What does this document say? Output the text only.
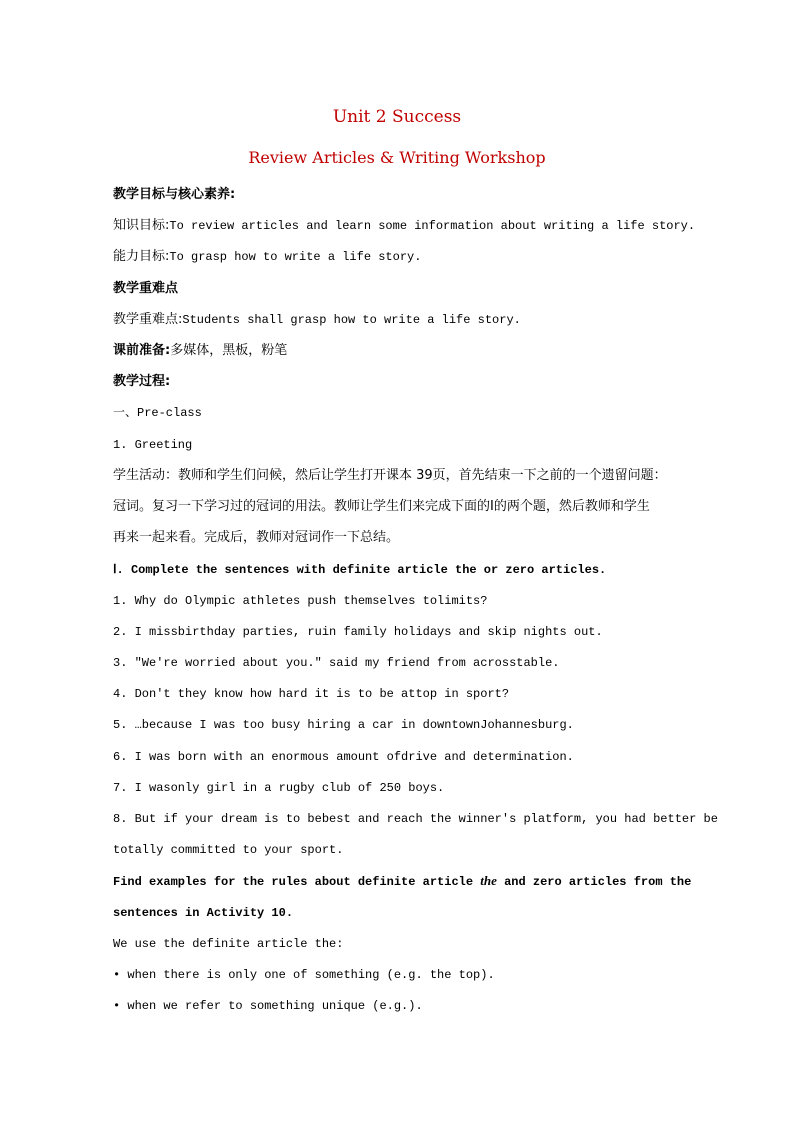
Unit 2 Success
Review Articles & Writing Workshop
教学目标与核心素养:
知识目标:To review articles and learn some information about writing a life story.
能力目标:To grasp how to write a life story.
教学重难点
教学重难点:Students shall grasp how to write a life story.
课前准备:多媒体，黑板，粉笔
教学过程:
一、Pre-class
1. Greeting
学生活动：教师和学生们问候，然后让学生打开课本 39页，首先结束一下之前的一个遗留问题：
冠词。复习一下学习过的冠词的用法。教师让学生们来完成下面的Ⅰ的两个题，然后教师和学生
再来一起来看。完成后，教师对冠词作一下总结。
Ⅰ. Complete the sentences with definite article the or zero articles.
1. Why do Olympic athletes push themselves tolimits?
2. I missbirthday parties, ruin family holidays and skip nights out.
3. "We're worried about you." said my friend from acrosstable.
4. Don't they know how hard it is to be attop in sport?
5. …because I was too busy hiring a car in downtownJohannesburg.
6. I was born with an enormous amount ofdrive and determination.
7. I wasonly girl in a rugby club of 250 boys.
8. But if your dream is to bebest and reach the winner's platform, you had better be
totally committed to your sport.
Find examples for the rules about definite article the and zero articles from the
sentences in Activity 10.
We use the definite article the:
• when there is only one of something (e.g. the top).
• when we refer to something unique (e.g.).
